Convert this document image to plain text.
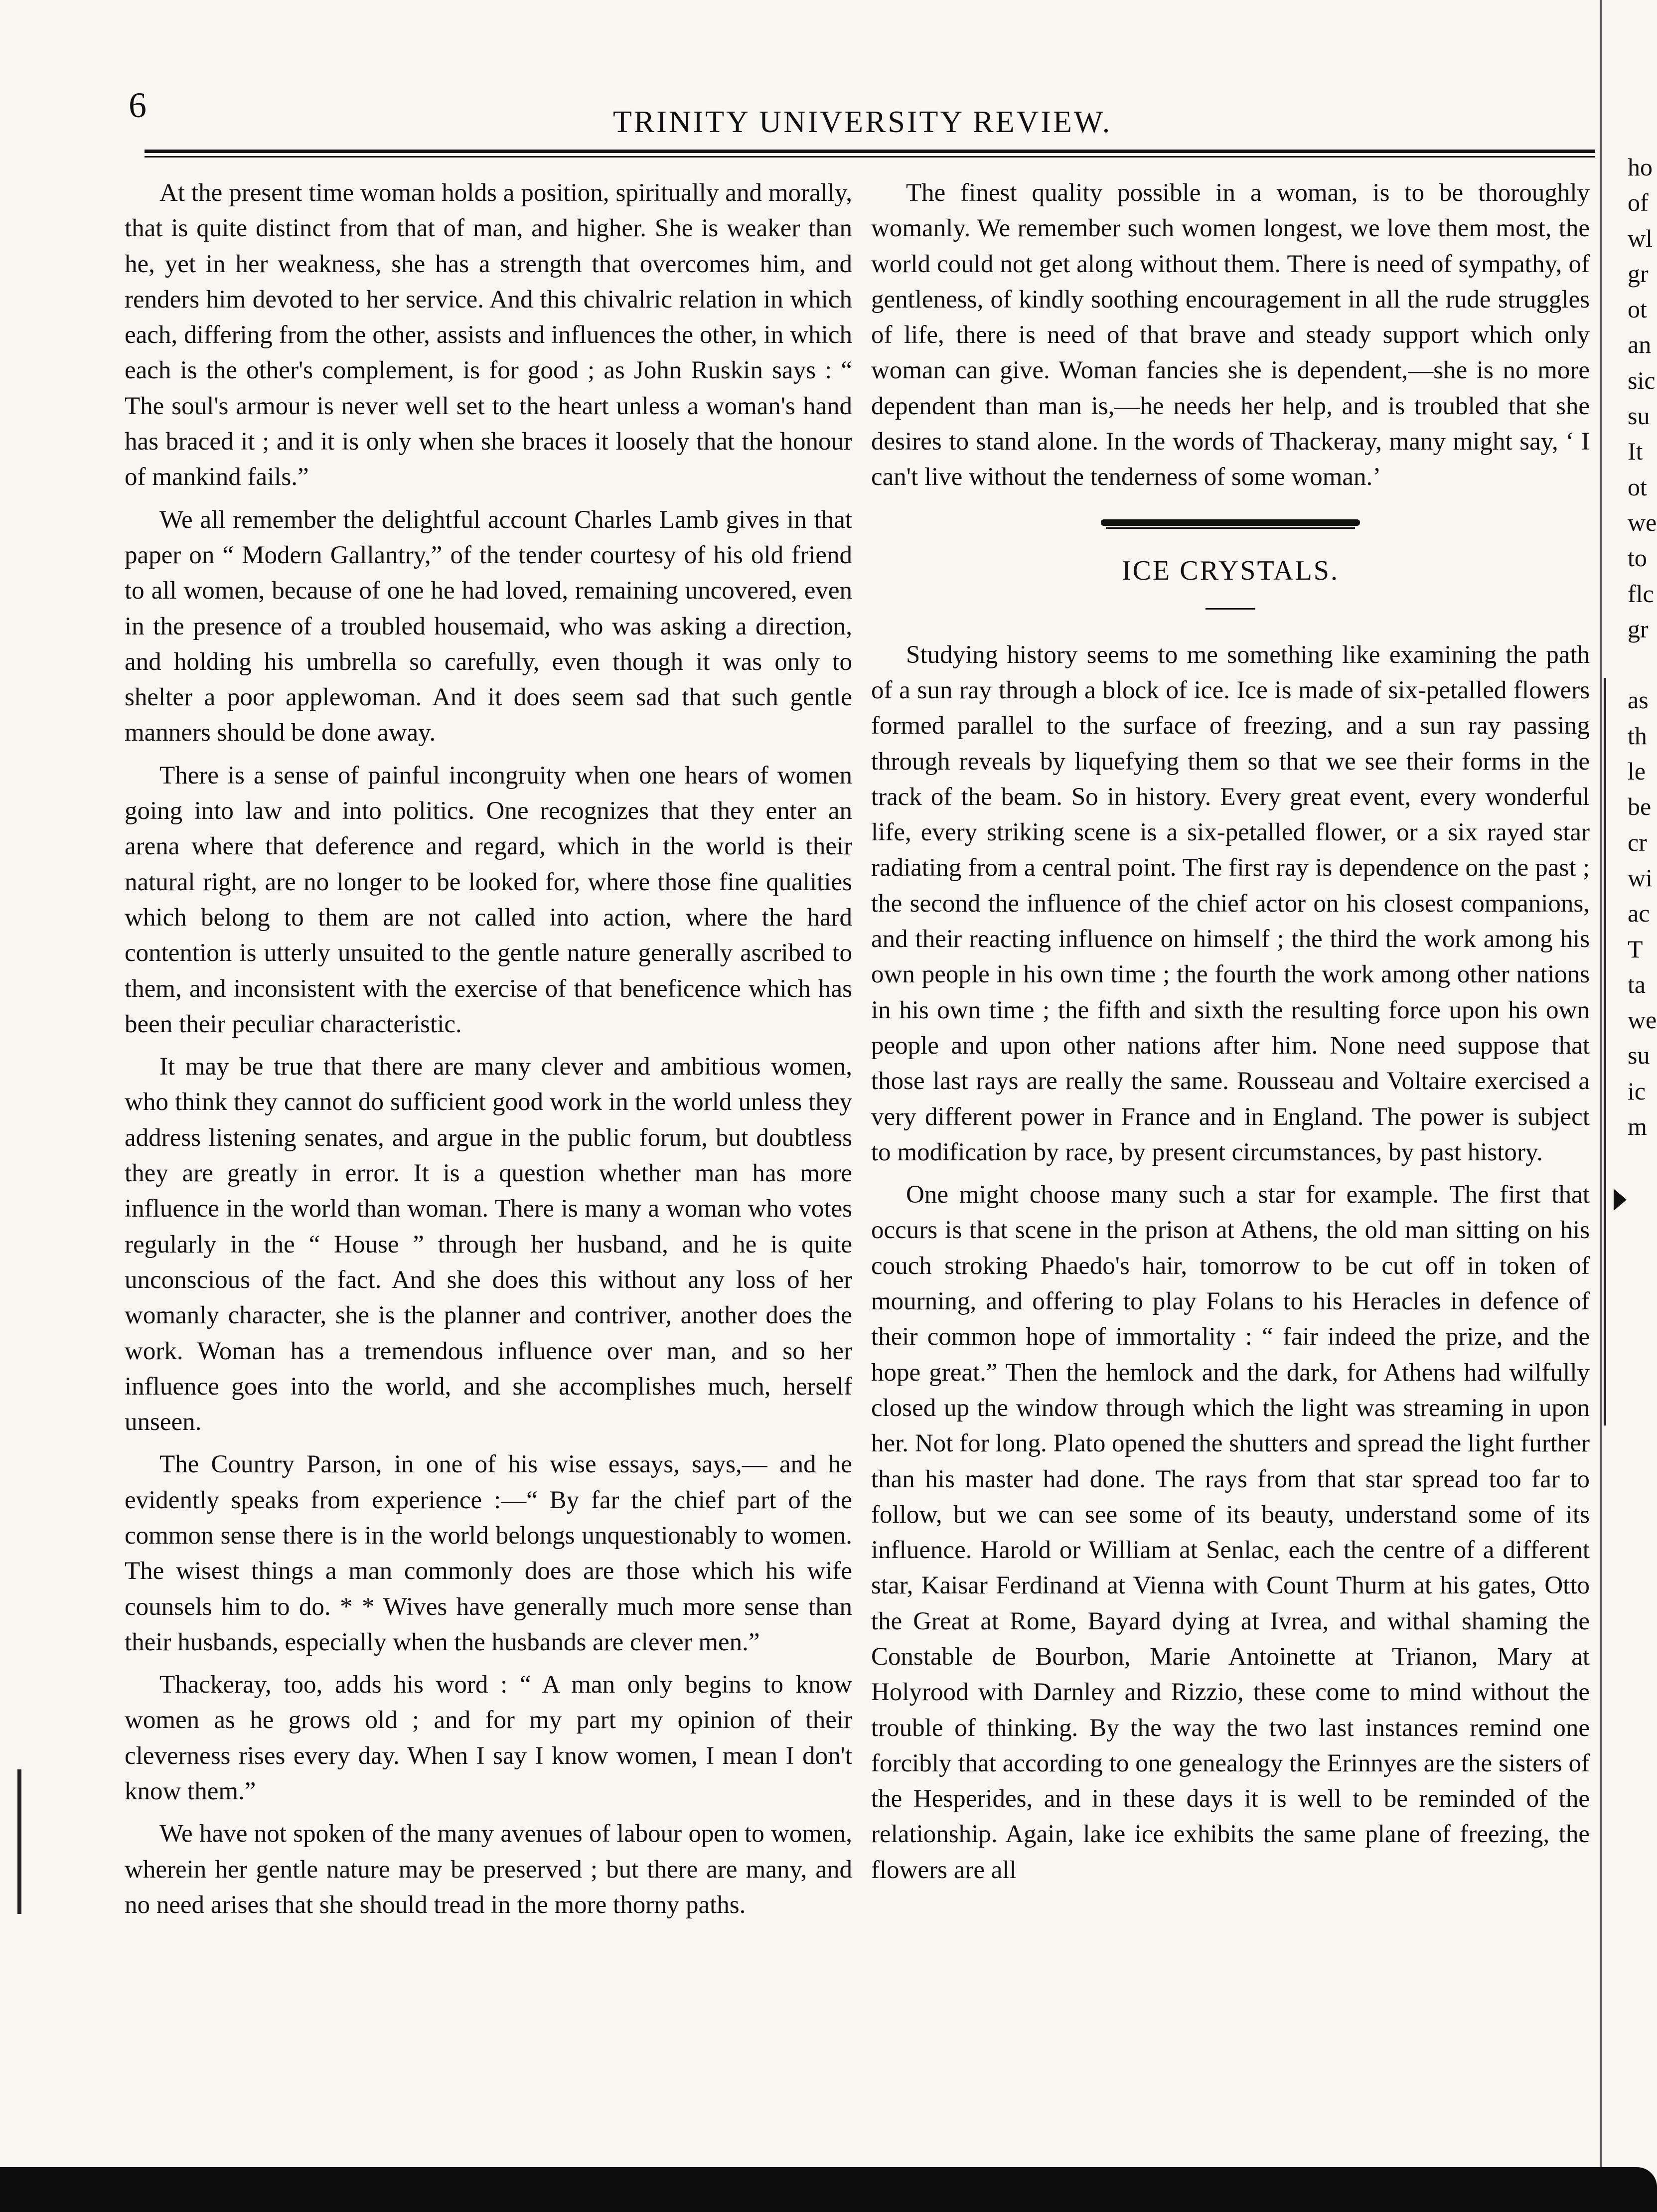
6	TRINITY UNIVERSITY REVIEW.

At the present time woman holds a position, spiritually and morally, that is quite distinct from that of man, and higher. She is weaker than he, yet in her weakness, she has a strength that overcomes him, and renders him devoted to her service. And this chivalric relation in which each, differing from the other, assists and influences the other, in which each is the other's complement, is for good ; as John Ruskin says : “ The soul's armour is never well set to the heart unless a woman's hand has braced it ; and it is only when she braces it loosely that the honour of mankind fails.”

We all remember the delightful account Charles Lamb gives in that paper on “ Modern Gallantry,” of the tender courtesy of his old friend to all women, because of one he had loved, remaining uncovered, even in the presence of a troubled housemaid, who was asking a direction, and holding his umbrella so carefully, even though it was only to shelter a poor applewoman. And it does seem sad that such gentle manners should be done away.

There is a sense of painful incongruity when one hears of women going into law and into politics. One recognizes that they enter an arena where that deference and regard, which in the world is their natural right, are no longer to be looked for, where those fine qualities which belong to them are not called into action, where the hard contention is utterly unsuited to the gentle nature generally ascribed to them, and inconsistent with the exercise of that beneficence which has been their peculiar characteristic.

It may be true that there are many clever and ambitious women, who think they cannot do sufficient good work in the world unless they address listening senates, and argue in the public forum, but doubtless they are greatly in error. It is a question whether man has more influence in the world than woman. There is many a woman who votes regularly in the “ House ” through her husband, and he is quite unconscious of the fact. And she does this without any loss of her womanly character, she is the planner and contriver, another does the work. Woman has a tremendous influence over man, and so her influence goes into the world, and she accomplishes much, herself unseen.

The Country Parson, in one of his wise essays, says,— and he evidently speaks from experience :—“ By far the chief part of the common sense there is in the world belongs unquestionably to women. The wisest things a man commonly does are those which his wife counsels him to do. * * Wives have generally much more sense than their husbands, especially when the husbands are clever men.”

Thackeray, too, adds his word : “ A man only begins to know women as he grows old ; and for my part my opinion of their cleverness rises every day. When I say I know women, I mean I don't know them.”

We have not spoken of the many avenues of labour open to women, wherein her gentle nature may be preserved ; but there are many, and no need arises that she should tread in the more thorny paths.

The finest quality possible in a woman, is to be thoroughly womanly. We remember such women longest, we love them most, the world could not get along without them. There is need of sympathy, of gentleness, of kindly soothing encouragement in all the rude struggles of life, there is need of that brave and steady support which only woman can give. Woman fancies she is dependent,—she is no more dependent than man is,—he needs her help, and is troubled that she desires to stand alone. In the words of Thackeray, many might say, ‘ I can't live without the tenderness of some woman.’

ICE CRYSTALS.

Studying history seems to me something like examining the path of a sun ray through a block of ice. Ice is made of six-petalled flowers formed parallel to the surface of freezing, and a sun ray passing through reveals by liquefying them so that we see their forms in the track of the beam. So in history. Every great event, every wonderful life, every striking scene is a six-petalled flower, or a six rayed star radiating from a central point. The first ray is dependence on the past ; the second the influence of the chief actor on his closest companions, and their reacting influence on himself ; the third the work among his own people in his own time ; the fourth the work among other nations in his own time ; the fifth and sixth the resulting force upon his own people and upon other nations after him. None need suppose that those last rays are really the same. Rousseau and Voltaire exercised a very different power in France and in England. The power is subject to modification by race, by present circumstances, by past history.

One might choose many such a star for example. The first that occurs is that scene in the prison at Athens, the old man sitting on his couch stroking Phaedo's hair, tomorrow to be cut off in token of mourning, and offering to play Folans to his Heracles in defence of their common hope of immortality : “ fair indeed the prize, and the hope great.” Then the hemlock and the dark, for Athens had wilfully closed up the window through which the light was streaming in upon her. Not for long. Plato opened the shutters and spread the light further than his master had done. The rays from that star spread too far to follow, but we can see some of its beauty, understand some of its influence. Harold or William at Senlac, each the centre of a different star, Kaisar Ferdinand at Vienna with Count Thurm at his gates, Otto the Great at Rome, Bayard dying at Ivrea, and withal shaming the Constable de Bourbon, Marie Antoinette at Trianon, Mary at Holyrood with Darnley and Rizzio, these come to mind without the trouble of thinking. By the way the two last instances remind one forcibly that according to one genealogy the Erinnyes are the sisters of the Hesperides, and in these days it is well to be reminded of the relationship. Again, lake ice exhibits the same plane of freezing, the flowers are all

ho
of
wl
gr
ot
an
sic
su
It
ot
we
to
flc
gr
as
th
le
be
cr
wi
ac
T
ta
we
su
ic
m
